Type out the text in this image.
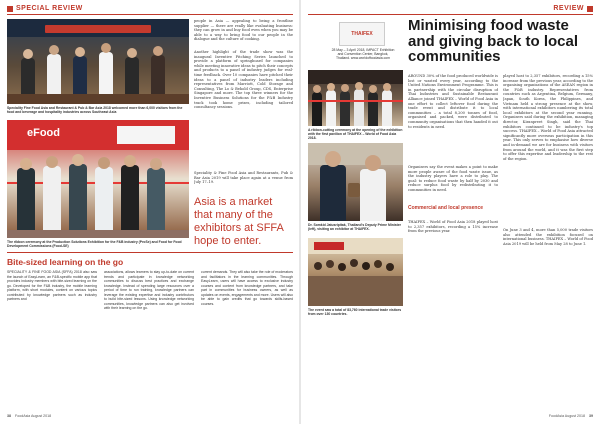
SPECIAL REVIEW
Speciality Fine Food Asia and Restaurant & Pub & Bar Asia 2018 welcomed more than 6,000 visitors from the food and beverage and hospitality industries across Southeast Asia
eFood
The ribbon ceremony at the Production Solutions Exhibition for the F&B industry (ProSe) and Food for Food Development Commissions (Food-SE)
people in Asia — appealing to being a frontline supplier — there are really like evaluating business: they can grow in and buy food even when you may be able to a way to bring food to our people in the dialogue and the culture of cooking.
Another highlight of the trade show was the inaugural Inventive Pitching Series launched to provide a platform of springboard for companies while meeting innovative ideas to pitch their concepts and products to a panel of industry judges for real-time feedback. Over 10 companies have pitched their ideas to a panel of industry leaders including representatives from Marriott, Cold Storage and Consulting, The Lo & Behold Group, CDS, Enterprise Singapore and more. The top three winners for the Inventive Business Solutions for the F&B Industry track took home prizes, including tailored consultancy sessions.
Speciality & Fine Food Asia and Restaurants, Pub & Bar Asia 2019 will take place again at a venue from July 17–19.
Asia is a market that many of the exhibitors at SFFA hope to enter.
Bite-sized learning on the go
SPECIALITY & FINE FOOD ASIA (SFFA) 2018 also saw the launch of EasyLearn, an F&B-specific mobile app that provides industry members with bite-sized learning on the go. Developed for the F&B industry, the mobile learning platform, with short modules, content on various topics contributed by knowledge partners such as industry partners and
associations, allows learners to stay up-to-date on current trends and participate in knowledge networking communities to discuss best practices and exchange knowledge. Instead of spending large resources over a period of time to run training, knowledge partners can leverage the existing expertise and industry contributors to build bite-sized lessons. Using knowledge networking communities, knowledge partners can also get involved with their learning on the go.
current demands. They will also take the role of moderators and facilitators in the learning communities. Through EasyLearn, users will have access to exclusive industry courses and content from knowledge partners, and take part in communities for business owners, as well as updates on events, engagements and more. Users will also be able to gain credits that go towards skills-based courses.
38 FoodAsia August 2018
REVIEW
THAIFEX
28 May – 3 April 2018, IMPACT Exhibition and Convention Center, Bangkok, Thailand. www.worldoffoodasia.com
Minimising food waste and giving back to local communities
A ribbon-cutting ceremony at the opening of the exhibition with the first pavilion of THAIFEX – World of Food Asia 2018.
Dr. Somkid Jatusripitak, Thailand's Deputy Prime Minister (left), visiting an exhibitor at THAIFEX.
The event saw a total of 83,760 international trade visitors from over 130 countries.
AROUND 30% of the food produced worldwide is lost or wasted every year, according to the United Nations Environment Programme. This is in partnership with the circular disruption of Thai Industries and Sustainable Restaurant Alliance joined THAIFEX – World of Food Asia in one effort to collect leftover food during the trade event and distribute it to local communities – a total 8,200 tonnes of food, organised and packed, were distributed to community organisations that then handed it out to residents in need.
Organisers say the event makes a point to make more people aware of the food waste issue, as the industry players have a role to play. The goal: to reduce food waste by half by 2030 and reduce surplus food by redistributing it to communities in need.
Commercial and local presence
THAIFEX – World of Food Asia 2018 played host to 2,357 exhibitors, recording a 15% increase from the previous year.
played host to 2,357 exhibitors, recording a 15% increase from the previous year, according to the organising organisations of the ASEAN region in the F&B industry. Representatives from countries such as Argentina, Belgium, Germany, Japan, South Korea, the Philippines, and Vietnam held a strong presence at the show, with international exhibitors numbering its total local exhibitors at the second year running. Organisers said during the exhibition, managing director, Kiranpreet Singh, said the Thai exhibitors continued to be industry's top success. THAIFEX – World of Food Asia attracted significantly more overseas participation in this year. This only serves to emphasise how diverse and in-demand we are for business with visitors from around the world, and it was the first step to offer this expertise and leadership to the rest of the region.
On June 3 and 4, more than 5,000 trade visitors also attended the exhibition focused on international business. THAIFEX – World of Food Asia 2019 will be held from May 28 to June 1.
FoodAsia August 2018 39
